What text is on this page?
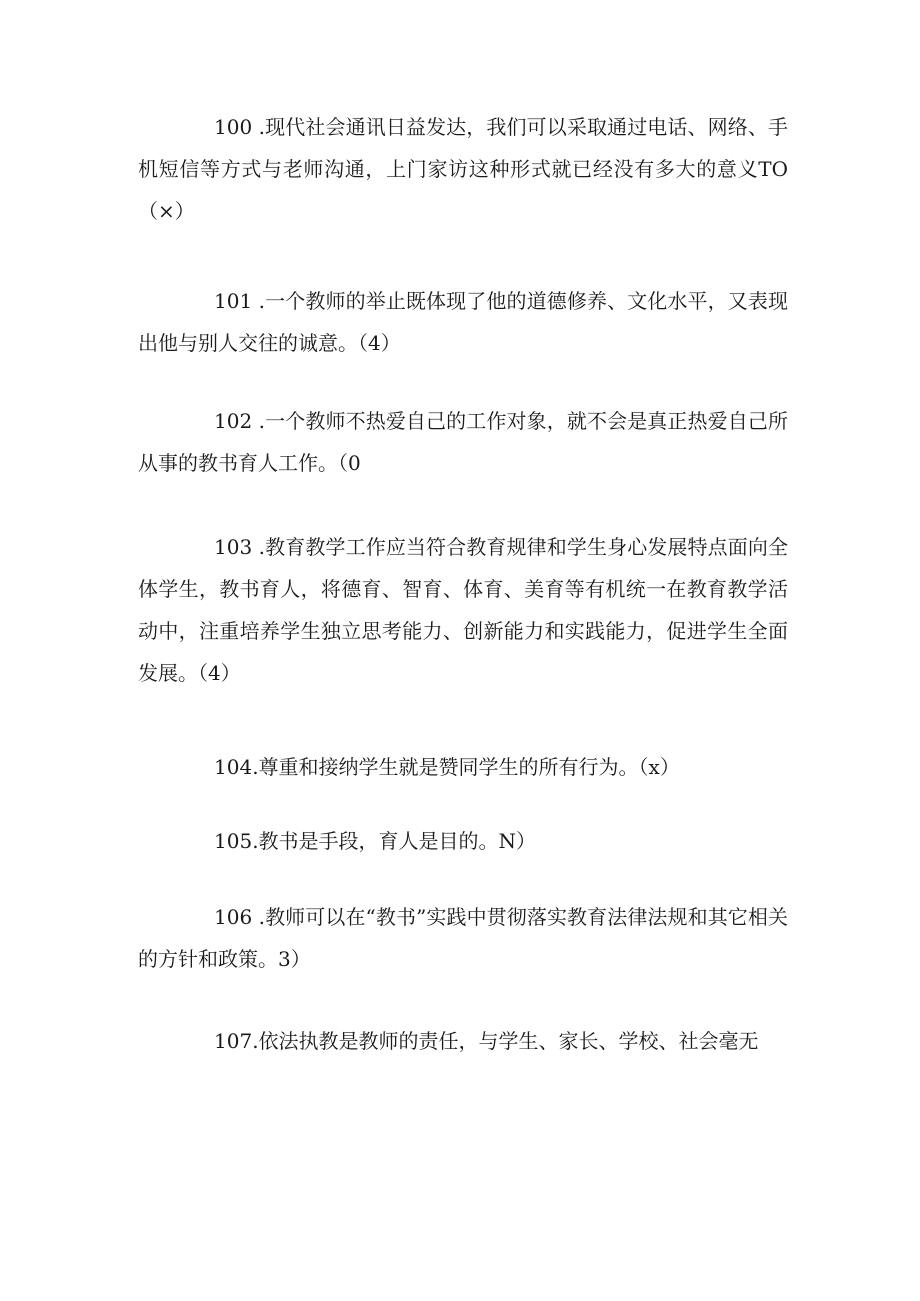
100 .现代社会通讯日益发达，我们可以采取通过电话、网络、手机短信等方式与老师沟通，上门家访这种形式就已经没有多大的意义TO（×）

101 .一个教师的举止既体现了他的道德修养、文化水平，又表现出他与别人交往的诚意。（4）

102 .一个教师不热爱自己的工作对象，就不会是真正热爱自己所从事的教书育人工作。（0

103 .教育教学工作应当符合教育规律和学生身心发展特点面向全体学生，教书育人，将德育、智育、体育、美育等有机统一在教育教学活动中，注重培养学生独立思考能力、创新能力和实践能力，促进学生全面发展。（4）

104.尊重和接纳学生就是赞同学生的所有行为。（x）

105.教书是手段，育人是目的。N）

106 .教师可以在“教书”实践中贯彻落实教育法律法规和其它相关的方针和政策。3）

107.依法执教是教师的责任，与学生、家长、学校、社会毫无
